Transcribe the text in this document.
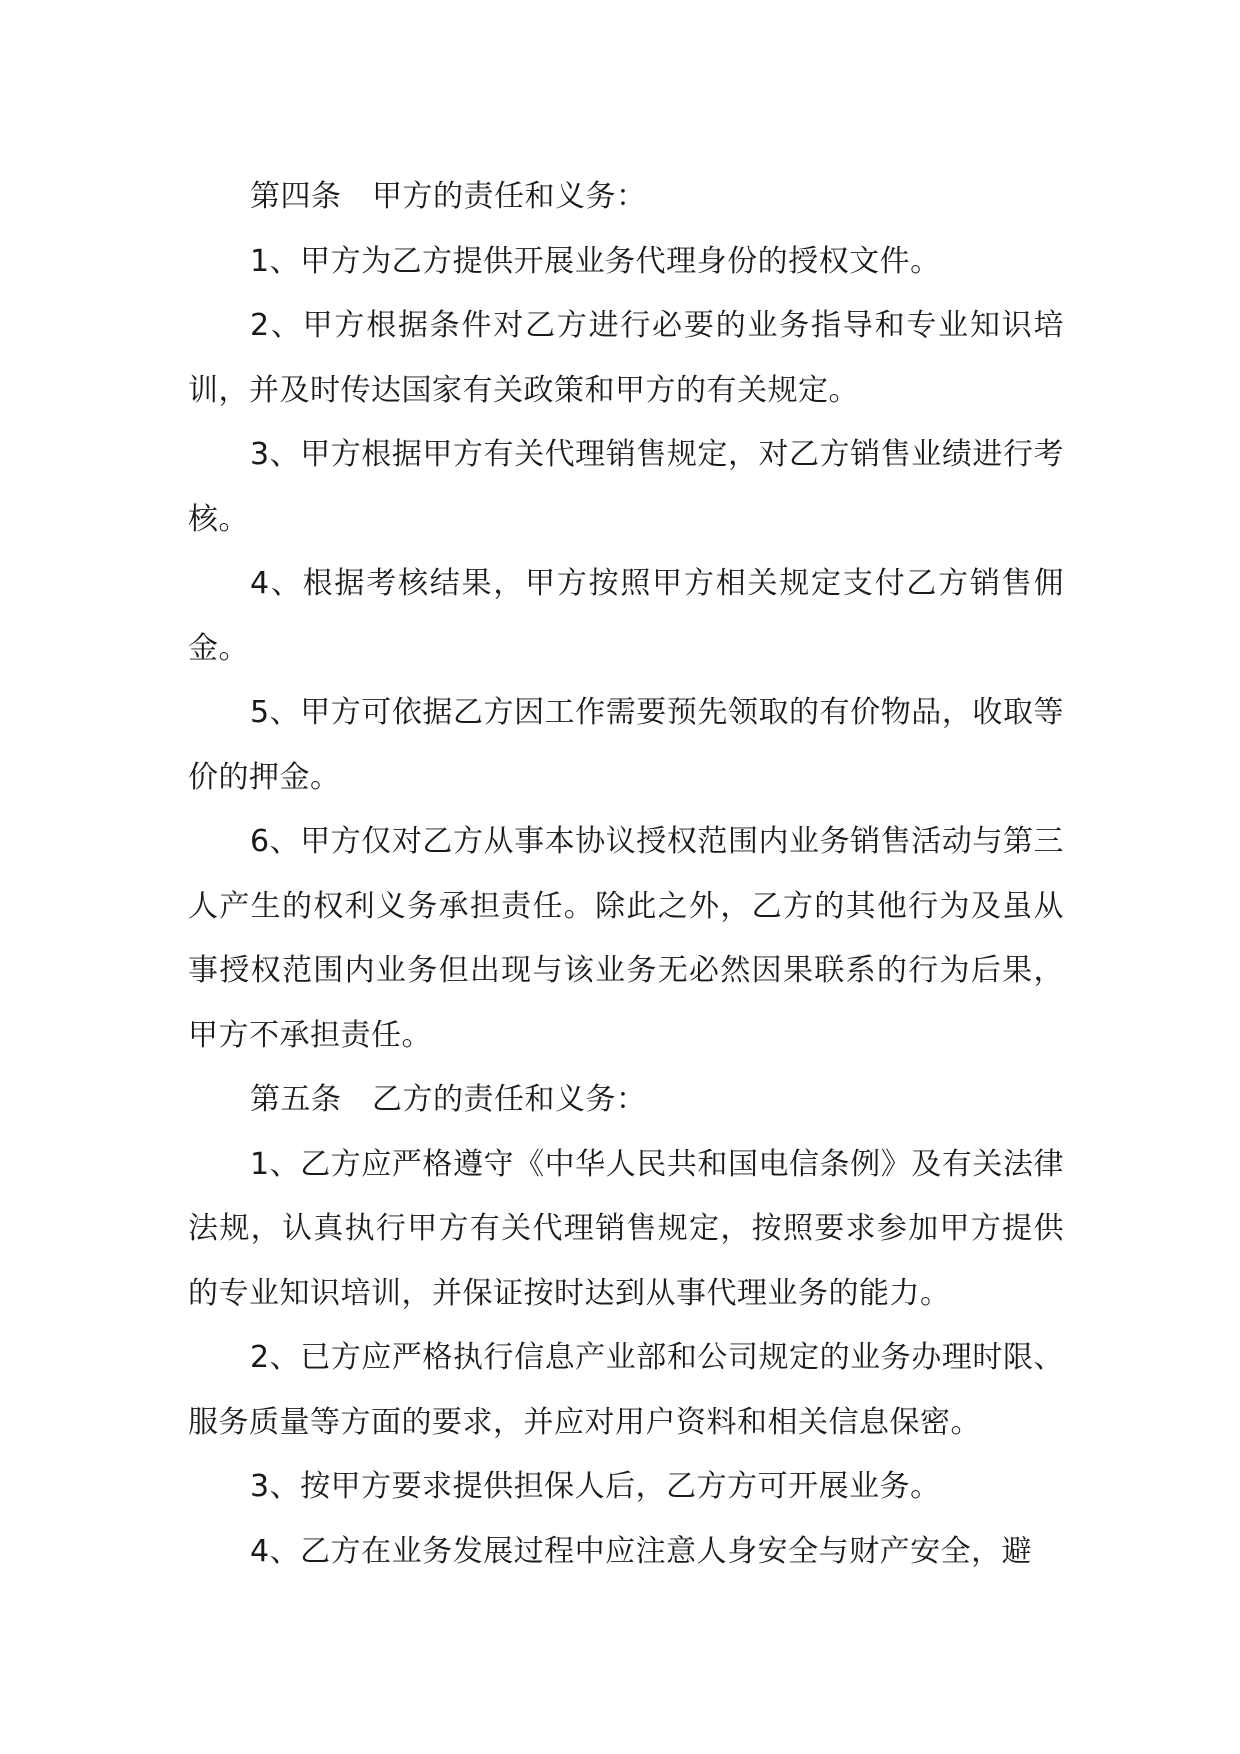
第四条　甲方的责任和义务：

1、甲方为乙方提供开展业务代理身份的授权文件。

2、甲方根据条件对乙方进行必要的业务指导和专业知识培训，并及时传达国家有关政策和甲方的有关规定。

3、甲方根据甲方有关代理销售规定，对乙方销售业绩进行考核。

4、根据考核结果，甲方按照甲方相关规定支付乙方销售佣金。

5、甲方可依据乙方因工作需要预先领取的有价物品，收取等价的押金。

6、甲方仅对乙方从事本协议授权范围内业务销售活动与第三人产生的权利义务承担责任。除此之外，乙方的其他行为及虽从事授权范围内业务但出现与该业务无必然因果联系的行为后果，甲方不承担责任。

第五条　乙方的责任和义务：

1、乙方应严格遵守《中华人民共和国电信条例》及有关法律法规，认真执行甲方有关代理销售规定，按照要求参加甲方提供的专业知识培训，并保证按时达到从事代理业务的能力。

2、已方应严格执行信息产业部和公司规定的业务办理时限、服务质量等方面的要求，并应对用户资料和相关信息保密。

3、按甲方要求提供担保人后，乙方方可开展业务。

4、乙方在业务发展过程中应注意人身安全与财产安全，避
